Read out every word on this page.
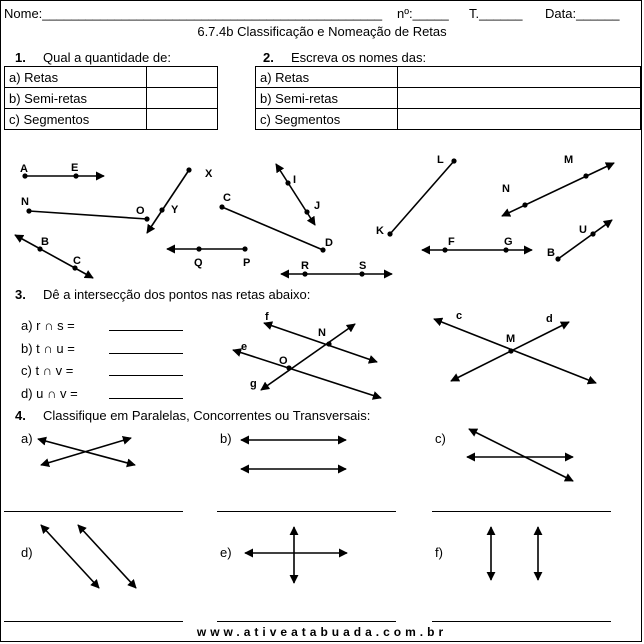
Nome:_______________________________________________ nº:_____ T.______ Data:______
6.7.4b Classificação e Nomeação de Retas
1. Qual a quantidade de:
a) Retas	
b) Semi-retas	
c) Segmentos	
2. Escreva os nomes das:
a) Retas	
b) Semi-retas	
c) Segmentos	
A	E	X
N
O Y
B
C
I
J
C
D
L
K
M
N
U
B
F	G
Q	P	R	S
3. Dê a intersecção dos pontos nas retas abaixo:
a) r ∩ s =
b) t ∩ u =
c) t ∩ v =
d) u ∩ v =
f
N
e
O
g
c	d
M
4. Classifique em Paralelas, Concorrentes ou Transversais:
a)	b)	c)
d)	e)	f)
www.ativeatabuada.com.br
